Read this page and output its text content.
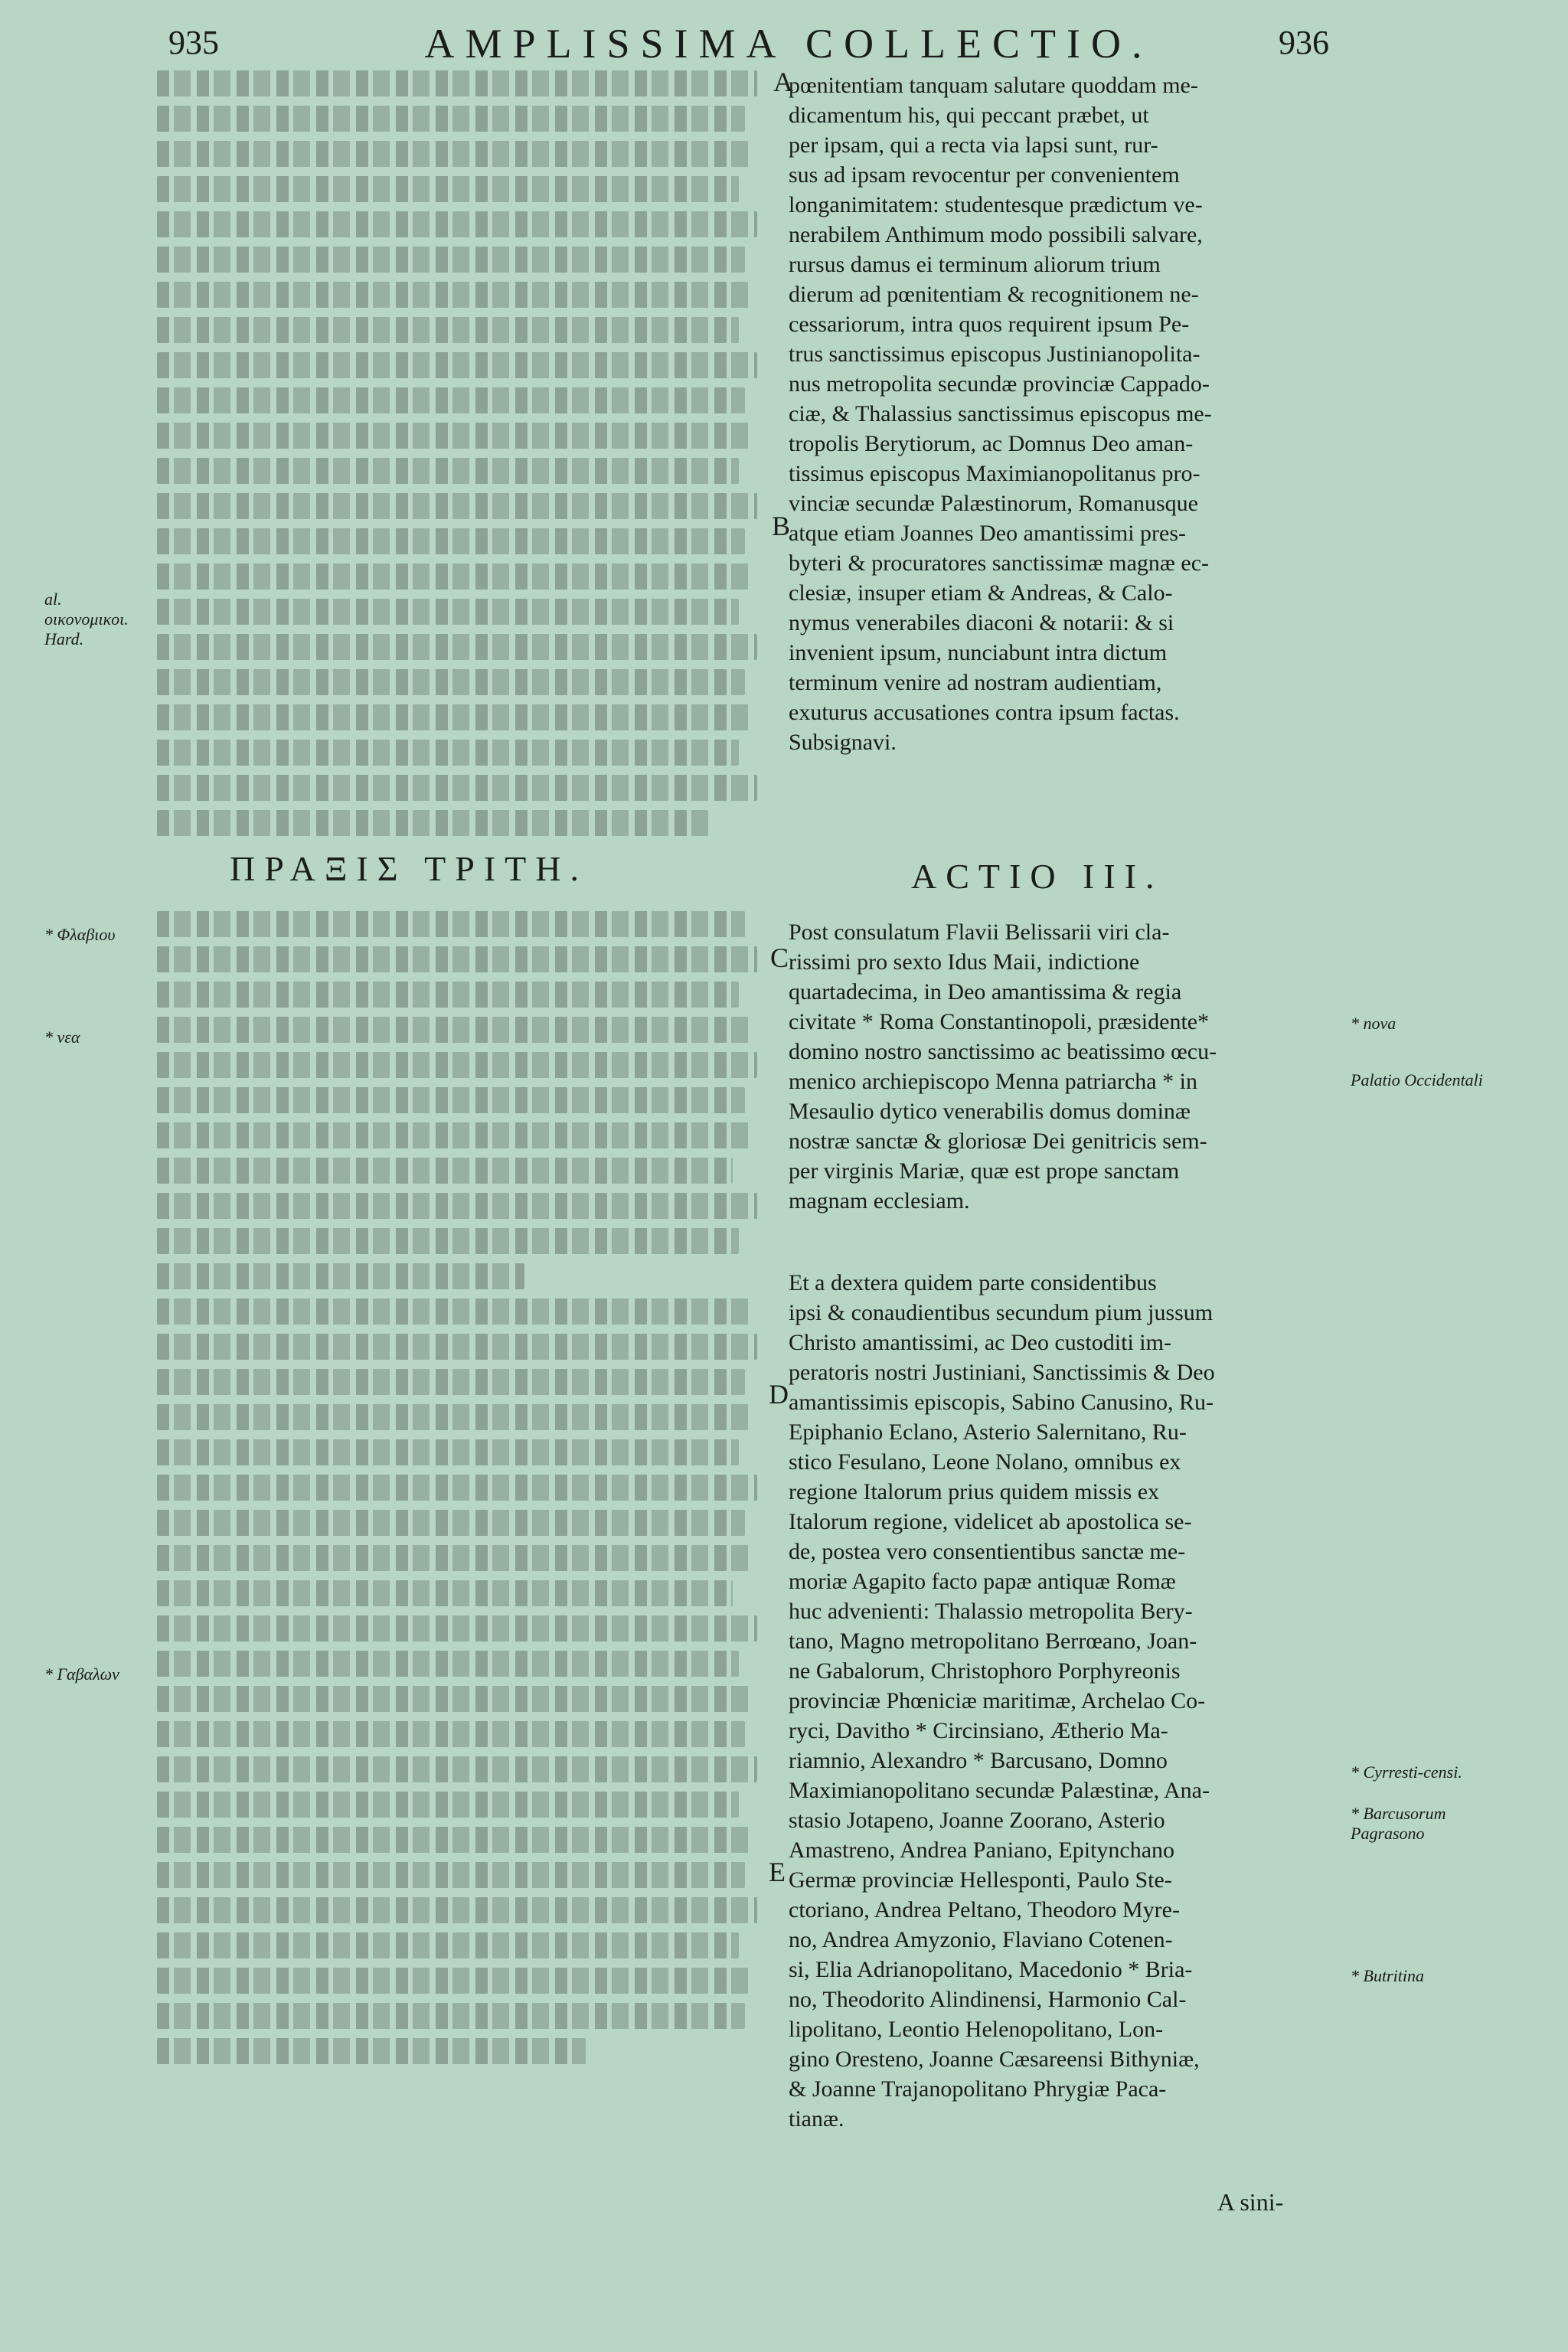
935	AMPLISSIMA COLLECTIO.	936
pœnitentiam tanquam salutare quoddam me-
dicamentum his, qui peccant præbet, ut
per ipsam, qui a recta via lapsi sunt, rur-
sus ad ipsam revocentur per convenientem
longanimitatem: studentesque prædictum ve-
nerabilem Anthimum modo possibili salvare,
rursus damus ei terminum aliorum trium
dierum ad pœnitentiam & recognitionem ne-
cessariorum, intra quos requirent ipsum Pe-
trus sanctissimus episcopus Justinianopolita-
nus metropolita secundæ provinciæ Cappado-
ciæ, & Thalassius sanctissimus episcopus me-
tropolis Berytiorum, ac Domnus Deo aman-
tissimus episcopus Maximianopolitanus pro-
vinciæ secundæ Palæstinorum, Romanusque
atque etiam Joannes Deo amantissimi pres-
byteri & procuratores sanctissimæ magnæ ec-
clesiæ, insuper etiam & Andreas, & Calo-
nymus venerabiles diaconi & notarii: & si
invenient ipsum, nunciabunt intra dictum
terminum venire ad nostram audientiam,
exuturus accusationes contra ipsum factas.
Subsignavi.
ΠΡΑΞΙΣ ΤΡΙΤΗ.	ACTIO III.
Post consulatum Flavii Belissarii viri cla-
rissimi pro sexto Idus Maii, indictione
quartadecima, in Deo amantissima & regia
civitate * Roma Constantinopoli, præsidente*
domino nostro sanctissimo ac beatissimo œcu-
menico archiepiscopo Menna patriarcha * in
Mesaulio dytico venerabilis domus dominæ
nostræ sanctæ & gloriosæ Dei genitricis sem-
per virginis Mariæ, quæ est prope sanctam
magnam ecclesiam.
Et a dextera quidem parte considentibus
ipsi & conaudientibus secundum pium jussum
Christo amantissimi, ac Deo custoditi im-
peratoris nostri Justiniani, Sanctissimis & Deo
amantissimis episcopis, Sabino Canusino, Ru-
Epiphanio Eclano, Asterio Salernitano, Ru-
stico Fesulano, Leone Nolano, omnibus ex
regione Italorum prius quidem missis ex
Italorum regione, videlicet ab apostolica se-
de, postea vero consentientibus sanctæ me-
moriæ Agapito facto papæ antiquæ Romæ
huc advenienti: Thalassio metropolita Bery-
tano, Magno metropolitano Berrœano, Joan-
ne Gabalorum, Christophoro Porphyreonis
provinciæ Phœniciæ maritimæ, Archelao Co-
ryci, Davitho * Circinsiano, Ætherio Ma-
riamnio, Alexandro * Barcusano, Domno
Maximianopolitano secundæ Palæstinæ, Ana-
stasio Jotapeno, Joanne Zoorano, Asterio
Amastreno, Andrea Paniano, Epitynchano
Germæ provinciæ Hellesponti, Paulo Ste-
ctoriano, Andrea Peltano, Theodoro Myre-
no, Andrea Amyzonio, Flaviano Cotenen-
si, Elia Adrianopolitano, Macedonio * Bria-
no, Theodorito Alindinensi, Harmonio Cal-
lipolitano, Leontio Helenopolitano, Lon-
gino Oresteno, Joanne Cæsareensi Bithyniæ,
& Joanne Trajanopolitano Phrygiæ Paca-
tianæ.
A
B
C
D
E
al. οικονομικοι. Hard.
* Φλαβιου
* νεα
* Γαβαλων
* nova
Palatio Occidentali
* Cyrresti-censi.
* Barcusorum Pagrasono
* Butritina
A sini-
